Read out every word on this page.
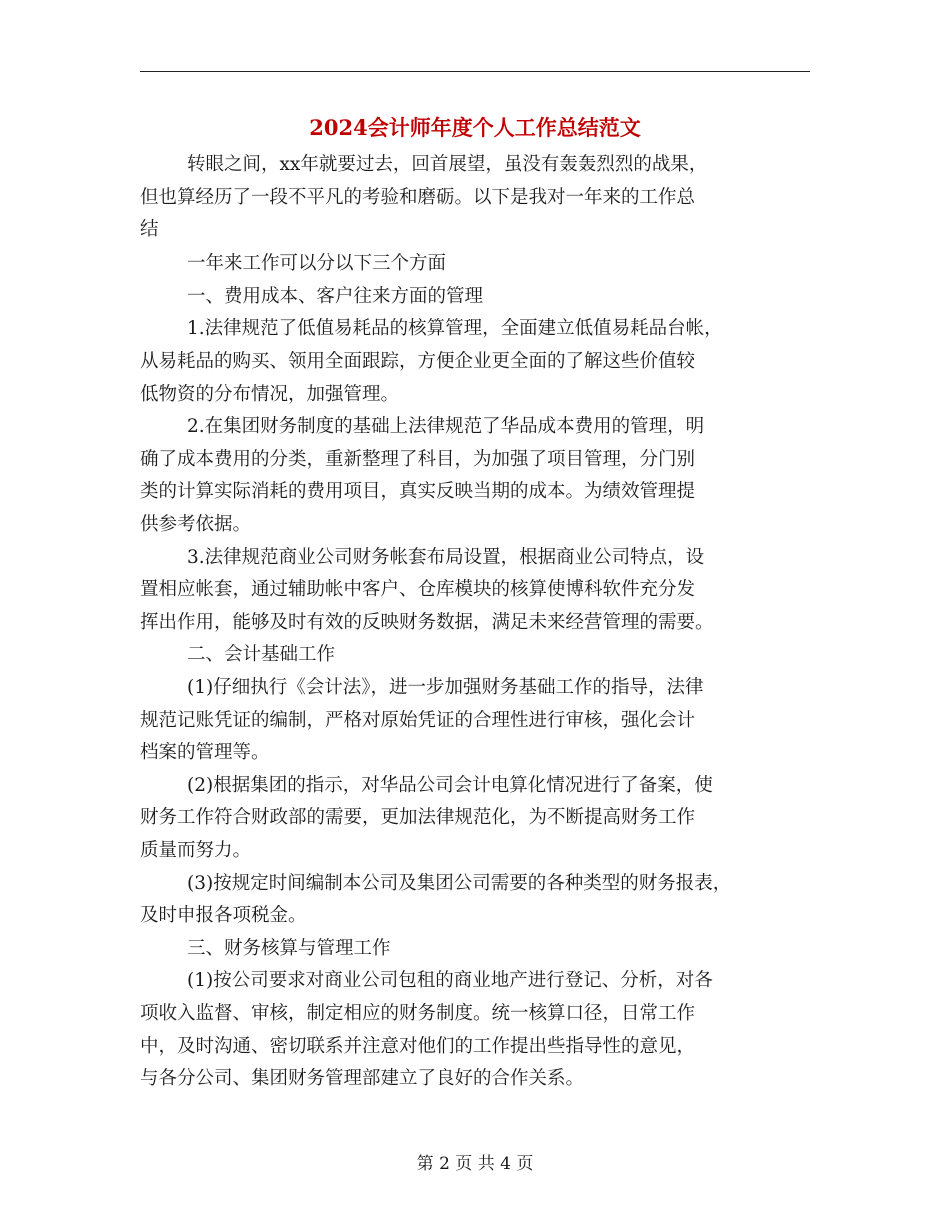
2024会计师年度个人工作总结范文
转眼之间，xx年就要过去，回首展望，虽没有轰轰烈烈的战果，
但也算经历了一段不平凡的考验和磨砺。以下是我对一年来的工作总
结
一年来工作可以分以下三个方面
一、费用成本、客户往来方面的管理
1.法律规范了低值易耗品的核算管理，全面建立低值易耗品台帐，
从易耗品的购买、领用全面跟踪，方便企业更全面的了解这些价值较
低物资的分布情况，加强管理。
2.在集团财务制度的基础上法律规范了华品成本费用的管理，明
确了成本费用的分类，重新整理了科目，为加强了项目管理，分门别
类的计算实际消耗的费用项目，真实反映当期的成本。为绩效管理提
供参考依据。
3.法律规范商业公司财务帐套布局设置，根据商业公司特点，设
置相应帐套，通过辅助帐中客户、仓库模块的核算使博科软件充分发
挥出作用，能够及时有效的反映财务数据，满足未来经营管理的需要。
二、会计基础工作
(1)仔细执行《会计法》，进一步加强财务基础工作的指导，法律
规范记账凭证的编制，严格对原始凭证的合理性进行审核，强化会计
档案的管理等。
(2)根据集团的指示，对华品公司会计电算化情况进行了备案，使
财务工作符合财政部的需要，更加法律规范化，为不断提高财务工作
质量而努力。
(3)按规定时间编制本公司及集团公司需要的各种类型的财务报表，
及时申报各项税金。
三、财务核算与管理工作
(1)按公司要求对商业公司包租的商业地产进行登记、分析，对各
项收入监督、审核，制定相应的财务制度。统一核算口径，日常工作
中，及时沟通、密切联系并注意对他们的工作提出些指导性的意见，
与各分公司、集团财务管理部建立了良好的合作关系。
第 2 页 共 4 页
